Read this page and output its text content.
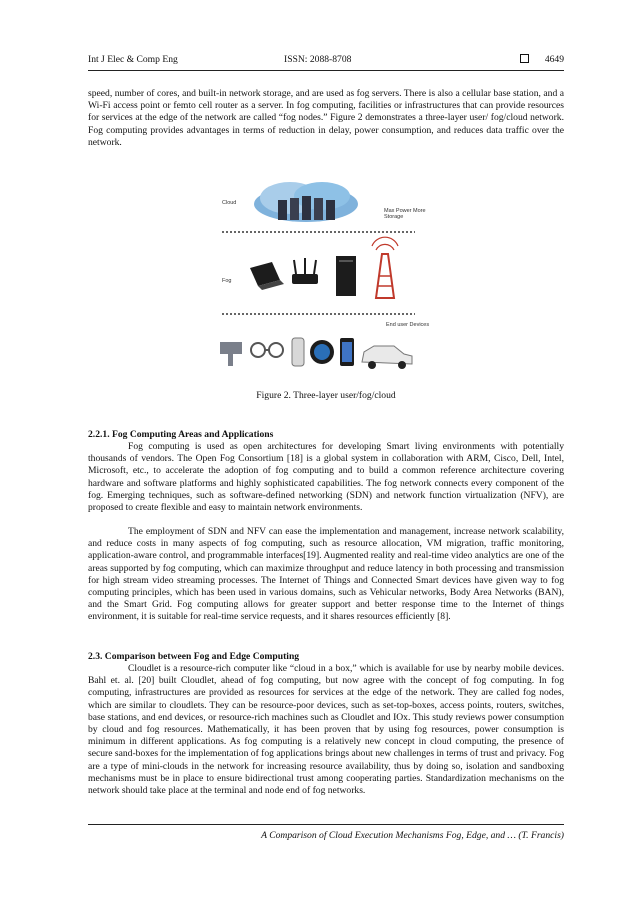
Int J Elec & Comp Eng	ISSN: 2088-8708	4649

speed, number of cores, and built-in network storage, and are used as fog servers. There is also a cellular base station, and a Wi-Fi access point or femto cell router as a server. In fog computing, facilities or infrastructures that can provide resources for services at the edge of the network are called “fog nodes.” Figure 2 demonstrates a three-layer user/ fog/cloud network. Fog computing provides advantages in terms of reduction in delay, power consumption, and reduces data traffic over the network.

Cloud
Max Power More Storage
Fog
End user Devices
Figure 2. Three-layer user/fog/cloud
2.2.1. Fog Computing Areas and Applications

Fog computing is used as open architectures for developing Smart living environments with potentially thousands of vendors. The Open Fog Consortium [18] is a global system in collaboration with ARM, Cisco, Dell, Intel, Microsoft, etc., to accelerate the adoption of fog computing and to build a common reference architecture covering hardware and software platforms and highly sophisticated capabilities. The fog network connects every component of the fog. Emerging techniques, such as software-defined networking (SDN) and network function virtualization (NFV), are proposed to create flexible and easy to maintain network environments.

The employment of SDN and NFV can ease the implementation and management, increase network scalability, and reduce costs in many aspects of fog computing, such as resource allocation, VM migration, traffic monitoring, application-aware control, and programmable interfaces[19]. Augmented reality and real-time video analytics are one of the areas supported by fog computing, which can maximize throughput and reduce latency in both processing and transmission for high stream video streaming processes. The Internet of Things and Connected Smart devices have given way to fog computing principles, which has been used in various domains, such as Vehicular networks, Body Area Networks (BAN), and the Smart Grid. Fog computing allows for greater support and better response time to the Internet of things environment, it is suitable for real-time service requests, and it shares resources efficiently [8].

2.3. Comparison between Fog and Edge Computing

Cloudlet is a resource-rich computer like “cloud in a box,” which is available for use by nearby mobile devices. Bahl et. al. [20] built Cloudlet, ahead of fog computing, but now agree with the concept of fog computing. In fog computing, infrastructures are provided as resources for services at the edge of the network. They are called fog nodes, which are similar to cloudlets. They can be resource-poor devices, such as set-top-boxes, access points, routers, switches, base stations, and end devices, or resource-rich machines such as Cloudlet and IOx. This study reviews power consumption by cloud and fog resources. Mathematically, it has been proven that by using fog resources, power consumption is minimum in different applications. As fog computing is a relatively new concept in cloud computing, the presence of secure sand-boxes for the implementation of fog applications brings about new challenges in terms of trust and privacy. Fog are a type of mini-clouds in the network for increasing resource availability, thus by doing so, isolation and sandboxing mechanisms must be in place to ensure bidirectional trust among cooperating parties. Standardization mechanisms on the network should take place at the terminal and node end of fog networks.

A Comparison of Cloud Execution Mechanisms Fog, Edge, and … (T. Francis)
